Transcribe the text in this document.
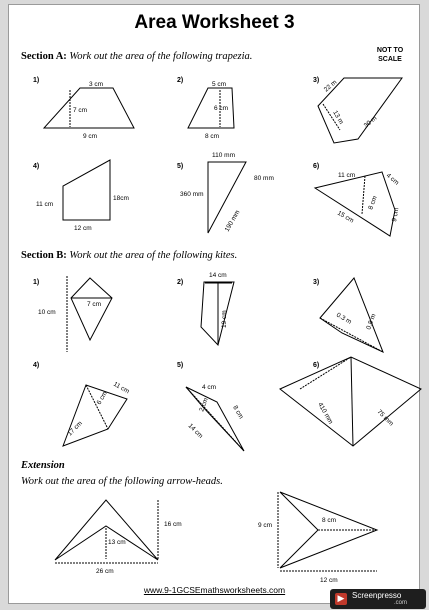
Area Worksheet 3
NOT TO
SCALE
Section A: Work out the area of the following trapezia.
Section B: Work out the area of the following kites.
Extension
Work out the area of the following arrow-heads.
1)	2)	3)
4)	5)	6)
1)	2)	3)
4)	5)	6)
3 cm
7 cm
9 cm
5 cm
6 cm
8 cm
22 m
13 m	30 m
11 cm
18cm
12 cm
110 mm
80 mm
360 mm
190 mm
11 cm	4 cm
8 cm
15 cm	9 cm
7 cm
10 cm
14 cm
19 cm	0.3 m 0.8 m
11 cm
6 cm
17 cm
4 cm
2 cm	8 cm
14 cm
410 mm	75 mm
16 cm
13 cm
26 cm
9 cm
8 cm
12 cm
www.9-1GCSEmathsworksheets.com
▶ Screenpresso
.com
